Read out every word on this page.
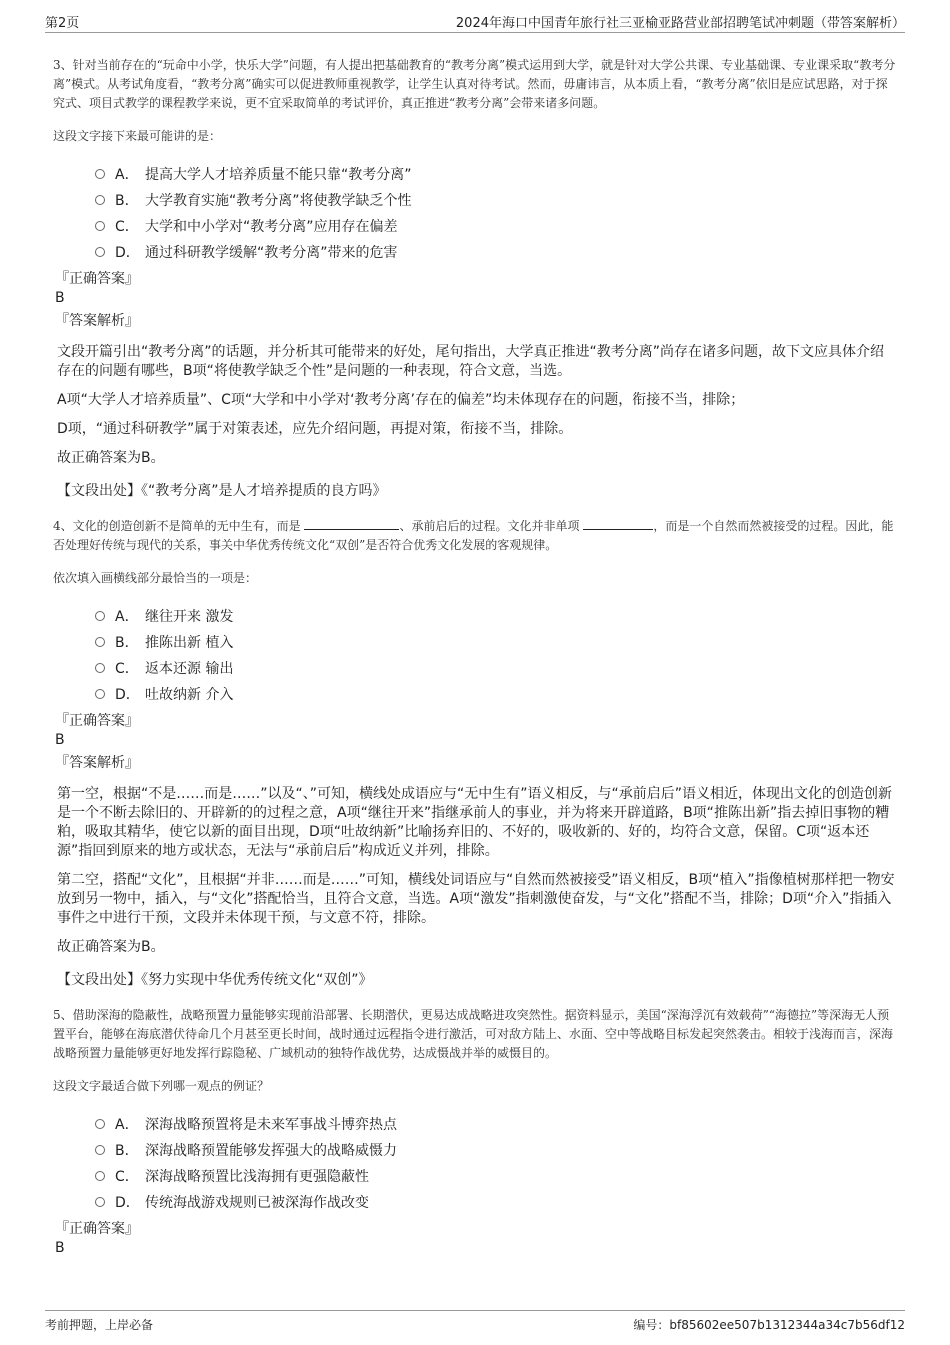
第2页	2024年海口中国青年旅行社三亚榆亚路营业部招聘笔试冲刺题（带答案解析）

3、针对当前存在的“玩命中小学，快乐大学”问题，有人提出把基础教育的“教考分离”模式运用到大学，就是针对大学公共课、专业基础课、专业课采取“教考分离”模式。从考试角度看，“教考分离”确实可以促进教师重视教学，让学生认真对待考试。然而，毋庸讳言，从本质上看，“教考分离”依旧是应试思路，对于探究式、项目式教学的课程教学来说，更不宜采取简单的考试评价，真正推进“教考分离”会带来诸多问题。

这段文字接下来最可能讲的是：

A． 提高大学人才培养质量不能只靠“教考分离”
B． 大学教育实施“教考分离”将使教学缺乏个性
C． 大学和中小学对“教考分离”应用存在偏差
D． 通过科研教学缓解“教考分离”带来的危害
『正确答案』
B
『答案解析』

文段开篇引出“教考分离”的话题，并分析其可能带来的好处，尾句指出，大学真正推进“教考分离”尚存在诸多问题，故下文应具体介绍存在的问题有哪些，B项“将使教学缺乏个性”是问题的一种表现，符合文意，当选。

A项“大学人才培养质量”、C项“大学和中小学对‘教考分离’存在的偏差”均未体现存在的问题，衔接不当，排除；

D项，“通过科研教学”属于对策表述，应先介绍问题，再提对策，衔接不当，排除。

故正确答案为B。

【文段出处】《“教考分离”是人才培养提质的良方吗》

4、文化的创造创新不是简单的无中生有，而是	、承前启后的过程。文化并非单项	，而是一个自然而然被接受的过程。因此，能否处理好传统与现代的关系，事关中华优秀传统文化“双创”是否符合优秀文化发展的客观规律。

依次填入画横线部分最恰当的一项是：

A． 继往开来 激发
B． 推陈出新 植入
C． 返本还源 输出
D． 吐故纳新 介入
『正确答案』
B
『答案解析』

第一空，根据“不是……而是……”以及“、”可知，横线处成语应与“无中生有”语义相反，与“承前启后”语义相近，体现出文化的创造创新是一个不断去除旧的、开辟新的的过程之意，A项“继往开来”指继承前人的事业，并为将来开辟道路，B项“推陈出新”指去掉旧事物的糟粕，吸取其精华，使它以新的面目出现，D项“吐故纳新”比喻扬弃旧的、不好的，吸收新的、好的，均符合文意，保留。C项“返本还源”指回到原来的地方或状态，无法与“承前启后”构成近义并列，排除。

第二空，搭配“文化”，且根据“并非……而是……”可知，横线处词语应与“自然而然被接受”语义相反，B项“植入”指像植树那样把一物安放到另一物中，插入，与“文化”搭配恰当，且符合文意，当选。A项“激发”指刺激使奋发，与“文化”搭配不当，排除；D项“介入”指插入事件之中进行干预，文段并未体现干预，与文意不符，排除。

故正确答案为B。

【文段出处】《努力实现中华优秀传统文化“双创”》

5、借助深海的隐蔽性，战略预置力量能够实现前沿部署、长期潜伏，更易达成战略进攻突然性。据资料显示，美国“深海浮沉有效载荷”“海德拉”等深海无人预置平台，能够在海底潜伏待命几个月甚至更长时间，战时通过远程指令进行激活，可对敌方陆上、水面、空中等战略目标发起突然袭击。相较于浅海而言，深海战略预置力量能够更好地发挥行踪隐秘、广域机动的独特作战优势，达成慑战并举的威慑目的。

这段文字最适合做下列哪一观点的例证？

A． 深海战略预置将是未来军事战斗博弈热点
B． 深海战略预置能够发挥强大的战略威慑力
C． 深海战略预置比浅海拥有更强隐蔽性
D． 传统海战游戏规则已被深海作战改变
『正确答案』
B
考前押题，上岸必备	编号：bf85602ee507b1312344a34c7b56df12
